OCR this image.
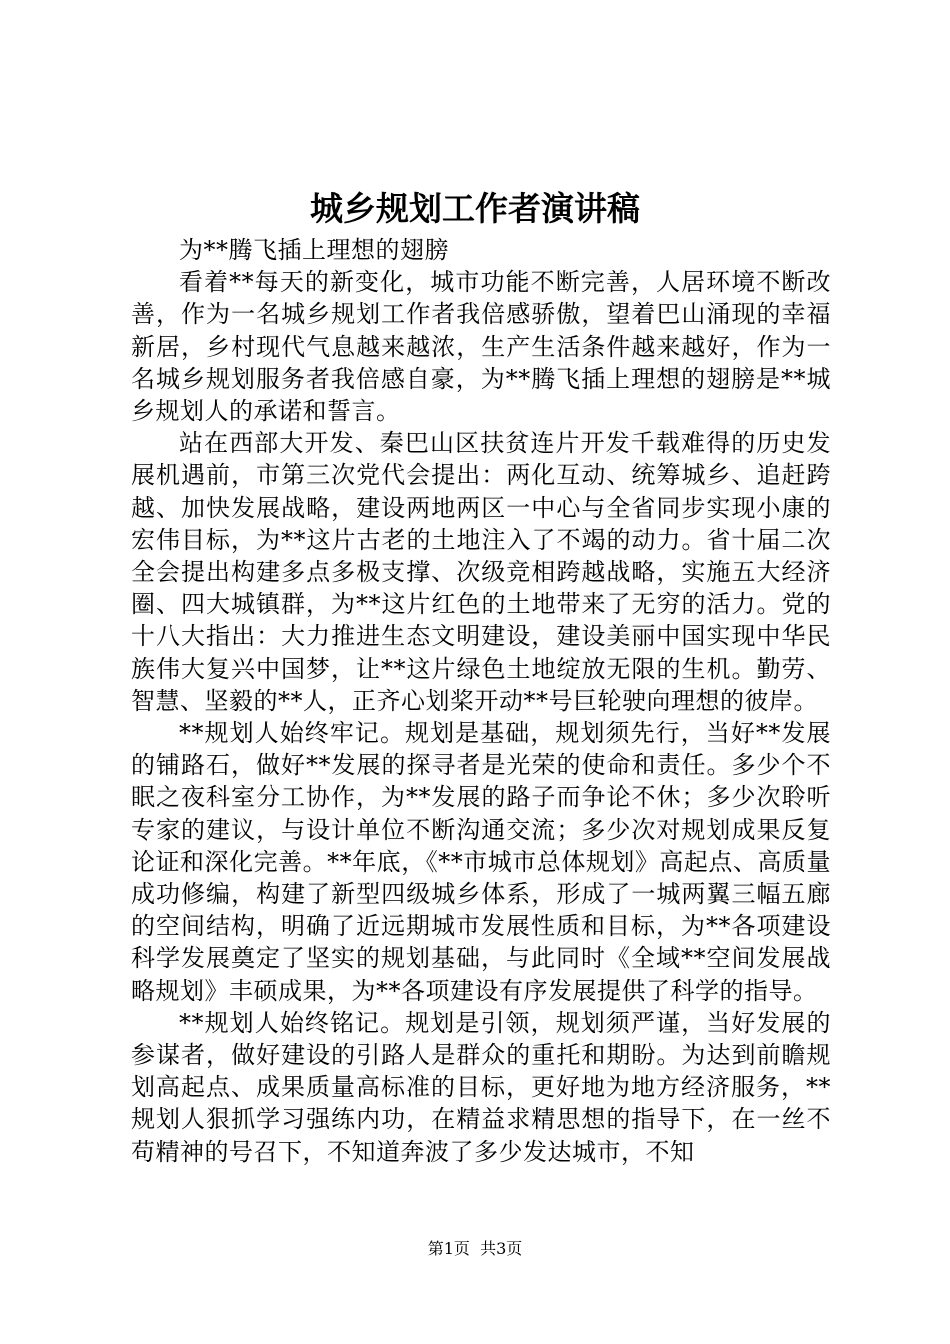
城乡规划工作者演讲稿

为**腾飞插上理想的翅膀

看着**每天的新变化，城市功能不断完善，人居环境不断改善，作为一名城乡规划工作者我倍感骄傲，望着巴山涌现的幸福新居，乡村现代气息越来越浓，生产生活条件越来越好，作为一名城乡规划服务者我倍感自豪，为**腾飞插上理想的翅膀是**城乡规划人的承诺和誓言。

站在西部大开发、秦巴山区扶贫连片开发千载难得的历史发展机遇前，市第三次党代会提出：两化互动、统筹城乡、追赶跨越、加快发展战略，建设两地两区一中心与全省同步实现小康的宏伟目标，为**这片古老的土地注入了不竭的动力。省十届二次全会提出构建多点多极支撑、次级竞相跨越战略，实施五大经济圈、四大城镇群，为**这片红色的土地带来了无穷的活力。党的十八大指出：大力推进生态文明建设，建设美丽中国实现中华民族伟大复兴中国梦，让**这片绿色土地绽放无限的生机。勤劳、智慧、坚毅的**人，正齐心划桨开动**号巨轮驶向理想的彼岸。

**规划人始终牢记。规划是基础，规划须先行，当好**发展的铺路石，做好**发展的探寻者是光荣的使命和责任。多少个不眠之夜科室分工协作，为**发展的路子而争论不休；多少次聆听专家的建议，与设计单位不断沟通交流；多少次对规划成果反复论证和深化完善。**年底，《**市城市总体规划》高起点、高质量成功修编，构建了新型四级城乡体系，形成了一城两翼三幅五廊的空间结构，明确了近远期城市发展性质和目标，为**各项建设科学发展奠定了坚实的规划基础，与此同时《全域**空间发展战略规划》丰硕成果，为**各项建设有序发展提供了科学的指导。

**规划人始终铭记。规划是引领，规划须严谨，当好发展的参谋者，做好建设的引路人是群众的重托和期盼。为达到前瞻规划高起点、成果质量高标准的目标，更好地为地方经济服务，**规划人狠抓学习强练内功，在精益求精思想的指导下，在一丝不苟精神的号召下，不知道奔波了多少发达城市，不知

第1页 共3页
